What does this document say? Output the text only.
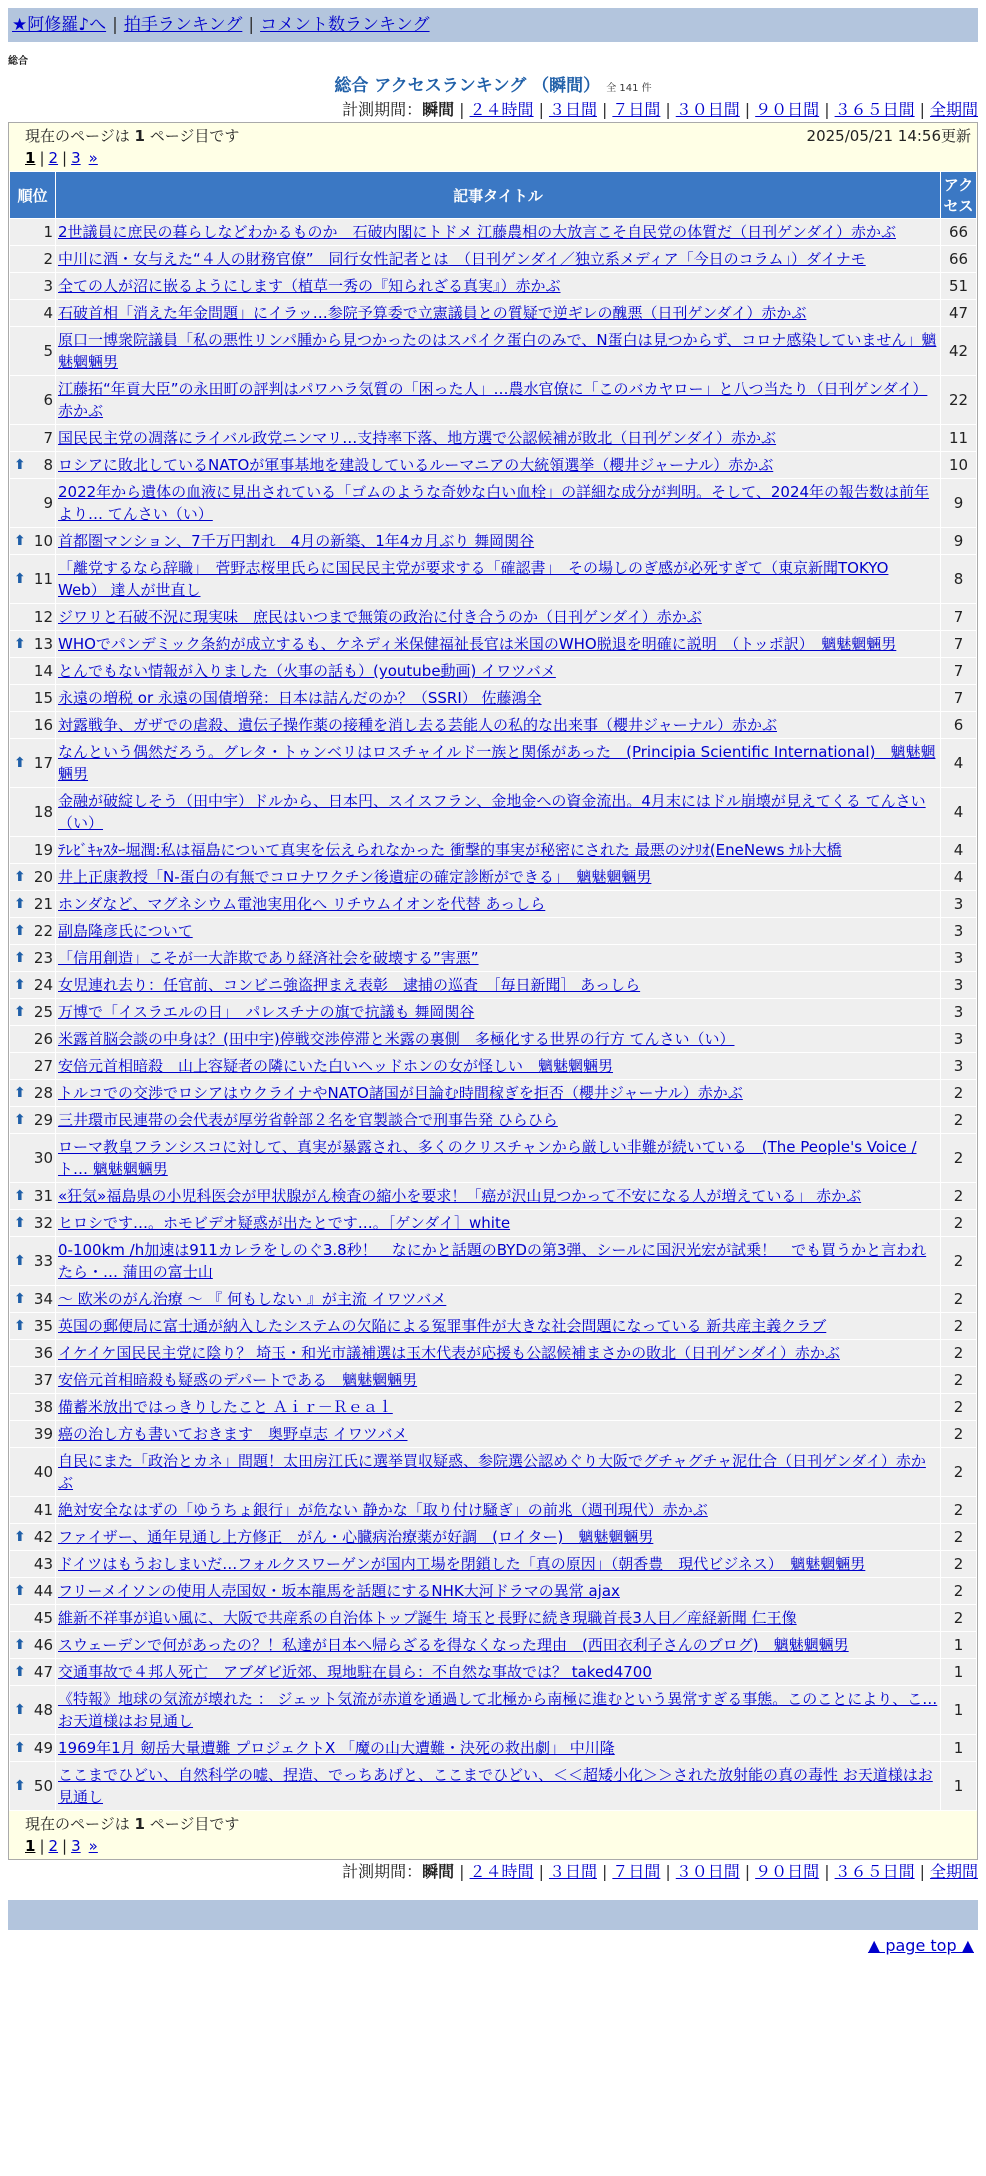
★阿修羅♪へ | 拍手ランキング | コメント数ランキング
総合
総合 アクセスランキング （瞬間） 全 141 件
計測期間：瞬間 | ２４時間 | ３日間 | ７日間 | ３０日間 | ９０日間 | ３６５日間 | 全期間
現在のページは 1 ページ目です	2025/05/21 14:56更新
1 | 2 | 3 »
順位	記事タイトル	アクセス
1	2世議員に庶民の暮らしなどわかるものか　石破内閣にトドメ 江藤農相の大放言こそ自民党の体質だ（日刊ゲンダイ）赤かぶ	66
2	中川に酒・女与えた“４人の財務官僚”　同行女性記者とは　（日刊ゲンダイ／独立系メディア「今日のコラム」）ダイナモ	66
3	全ての人が沼に嵌るようにします（植草一秀の『知られざる真実』）赤かぶ	51
4	石破首相「消えた年金問題」にイラッ…参院予算委で立憲議員との質疑で逆ギレの醜悪（日刊ゲンダイ）赤かぶ	47
5	原口一博衆院議員「私の悪性リンパ腫から見つかったのはスパイク蛋白のみで、N蛋白は見つからず、コロナ感染していません」魑魅魍魎男	42
6	江藤拓“年貢大臣”の永田町の評判はパワハラ気質の「困った人」…農水官僚に「このバカヤロー」と八つ当たり（日刊ゲンダイ）赤かぶ	22
7	国民民主党の凋落にライバル政党ニンマリ…支持率下落、地方選で公認候補が敗北（日刊ゲンダイ）赤かぶ	11

⬆ 8	ロシアに敗北しているNATOが軍事基地を建設しているルーマニアの大統領選挙（櫻井ジャーナル）赤かぶ	10
9	2022年から遺体の血液に見出されている「ゴムのような奇妙な白い血栓」の詳細な成分が判明。そして、2024年の報告数は前年より… てんさい（い）	9

⬆ 10	首都圏マンション、7千万円割れ　4月の新築、1年4カ月ぶり 舞岡関谷	9

⬆ 11	「離党するなら辞職」　菅野志桜里氏らに国民民主党が要求する「確認書」　その場しのぎ感が必死すぎて（東京新聞TOKYO Web） 達人が世直し	8
12	ジワリと石破不況に現実味　庶民はいつまで無策の政治に付き合うのか（日刊ゲンダイ）赤かぶ	7

⬆ 13	WHOでパンデミック条約が成立するも、ケネディ米保健福祉長官は米国のWHO脱退を明確に説明　（トッポ訳）　魑魅魍魎男	7
14	とんでもない情報が入りました（火事の話も）(youtube動画) イワツバメ	7
15	永遠の増税 or 永遠の国債増発：日本は詰んだのか？（SSRI） 佐藤鴻全	7
16	対露戦争、ガザでの虐殺、遺伝子操作薬の接種を消し去る芸能人の私的な出来事（櫻井ジャーナル）赤かぶ	6

⬆ 17	なんという偶然だろう。グレタ・トゥンベリはロスチャイルド一族と関係があった　(Principia Scientific International)　魑魅魍魎男	4
18	金融が破綻しそう（田中宇）ドルから、日本円、スイスフラン、金地金への資金流出。4月末にはドル崩壊が見えてくる てんさい（い）	4
19	ﾃﾚﾋﾞｷｬｽﾀｰ堀潤:私は福島について真実を伝えられなかった 衝撃的事実が秘密にされた 最悪のｼﾅﾘｵ(EneNews ﾅﾙﾄ大橋	4

⬆ 20	井上正康教授「N-蛋白の有無でコロナワクチン後遺症の確定診断ができる」　魑魅魍魎男	4

⬆ 21	ホンダなど、マグネシウム電池実用化へ リチウムイオンを代替 あっしら	3

⬆ 22	副島隆彦氏について	3

⬆ 23	「信用創造」こそが一大詐欺であり経済社会を破壊する”害悪”	3

⬆ 24	女児連れ去り：任官前、コンビニ強盗押まえ表彰　逮捕の巡査　［毎日新聞］ あっしら	3

⬆ 25	万博で「イスラエルの日」　パレスチナの旗で抗議も 舞岡関谷	3
26	米露首脳会談の中身は？(田中宇)停戦交渉停滞と米露の裏側　多極化する世界の行方 てんさい（い）	3
27	安倍元首相暗殺　山上容疑者の隣にいた白いヘッドホンの女が怪しい　魑魅魍魎男	3

⬆ 28	トルコでの交渉でロシアはウクライナやNATO諸国が目論む時間稼ぎを拒否（櫻井ジャーナル）赤かぶ	2

⬆ 29	三井環市民連帯の会代表が厚労省幹部２名を官製談合で刑事告発 ひらひら	2
30	ローマ教皇フランシスコに対して、真実が暴露され、多くのクリスチャンから厳しい非難が続いている　(The People's Voice / ト… 魑魅魍魎男	2

⬆ 31	«狂気»福島県の小児科医会が甲状腺がん検査の縮小を要求！「癌が沢山見つかって不安になる人が増えている」 赤かぶ	2

⬆ 32	ヒロシです…。ホモビデオ疑惑が出たとです…。［ゲンダイ］white	2

⬆ 33	0-100km /h加速は911カレラをしのぐ3.8秒！　なにかと話題のBYDの第3弾、シールに国沢光宏が試乗！　でも買うかと言われたら・… 蒲田の富士山	2

⬆ 34	～ 欧米のがん治療 ～ 『 何もしない 』が主流 イワツバメ	2

⬆ 35	英国の郵便局に富士通が納入したシステムの欠陥による冤罪事件が大きな社会問題になっている 新共産主義クラブ	2
36	イケイケ国民民主党に陰り？ 埼玉・和光市議補選は玉木代表が応援も公認候補まさかの敗北（日刊ゲンダイ）赤かぶ	2
37	安倍元首相暗殺も疑惑のデパートである　魑魅魍魎男	2
38	備蓄米放出ではっきりしたこと Ａｉｒ－Ｒｅａｌ	2
39	癌の治し方も書いておきます　奥野卓志 イワツバメ	2
40	自民にまた「政治とカネ」問題！太田房江氏に選挙買収疑惑、参院選公認めぐり大阪でグチャグチャ泥仕合（日刊ゲンダイ）赤かぶ	2
41	絶対安全なはずの「ゆうちょ銀行」が危ない 静かな「取り付け騒ぎ」の前兆（週刊現代）赤かぶ	2

⬆ 42	ファイザー、通年見通し上方修正　がん・心臓病治療薬が好調　(ロイター)　魑魅魍魎男	2
43	ドイツはもうおしまいだ…フォルクスワーゲンが国内工場を閉鎖した「真の原因」（朝香豊　現代ビジネス）　魑魅魍魎男	2

⬆ 44	フリーメイソンの使用人売国奴・坂本龍馬を話題にするNHK大河ドラマの異常 ajax	2
45	維新不祥事が追い風に、大阪で共産系の自治体トップ誕生 埼玉と長野に続き現職首長3人目／産経新聞 仁王像	2

⬆ 46	スウェーデンで何があったの？！私達が日本へ帰らざるを得なくなった理由　(西田衣利子さんのブログ)　魑魅魍魎男	1

⬆ 47	交通事故で４邦人死亡　アブダビ近郊、現地駐在員ら：不自然な事故では？ taked4700	1

⬆ 48	《特報》地球の気流が壊れた ： ジェット気流が赤道を通過して北極から南極に進むという異常すぎる事態。このことにより、こ… お天道様はお見通し	1

⬆ 49	1969年1月 剱岳大量遭難 プロジェクトX 「魔の山大遭難・決死の救出劇」 中川隆	1

⬆ 50	ここまでひどい、自然科学の嘘、捏造、でっちあげと、ここまでひどい、＜＜超矮小化＞＞された放射能の真の毒性 お天道様はお見通し	1
現在のページは 1 ページ目です
1 | 2 | 3 »
計測期間：瞬間 | ２４時間 | ３日間 | ７日間 | ３０日間 | ９０日間 | ３６５日間 | 全期間
▲ page top ▲
